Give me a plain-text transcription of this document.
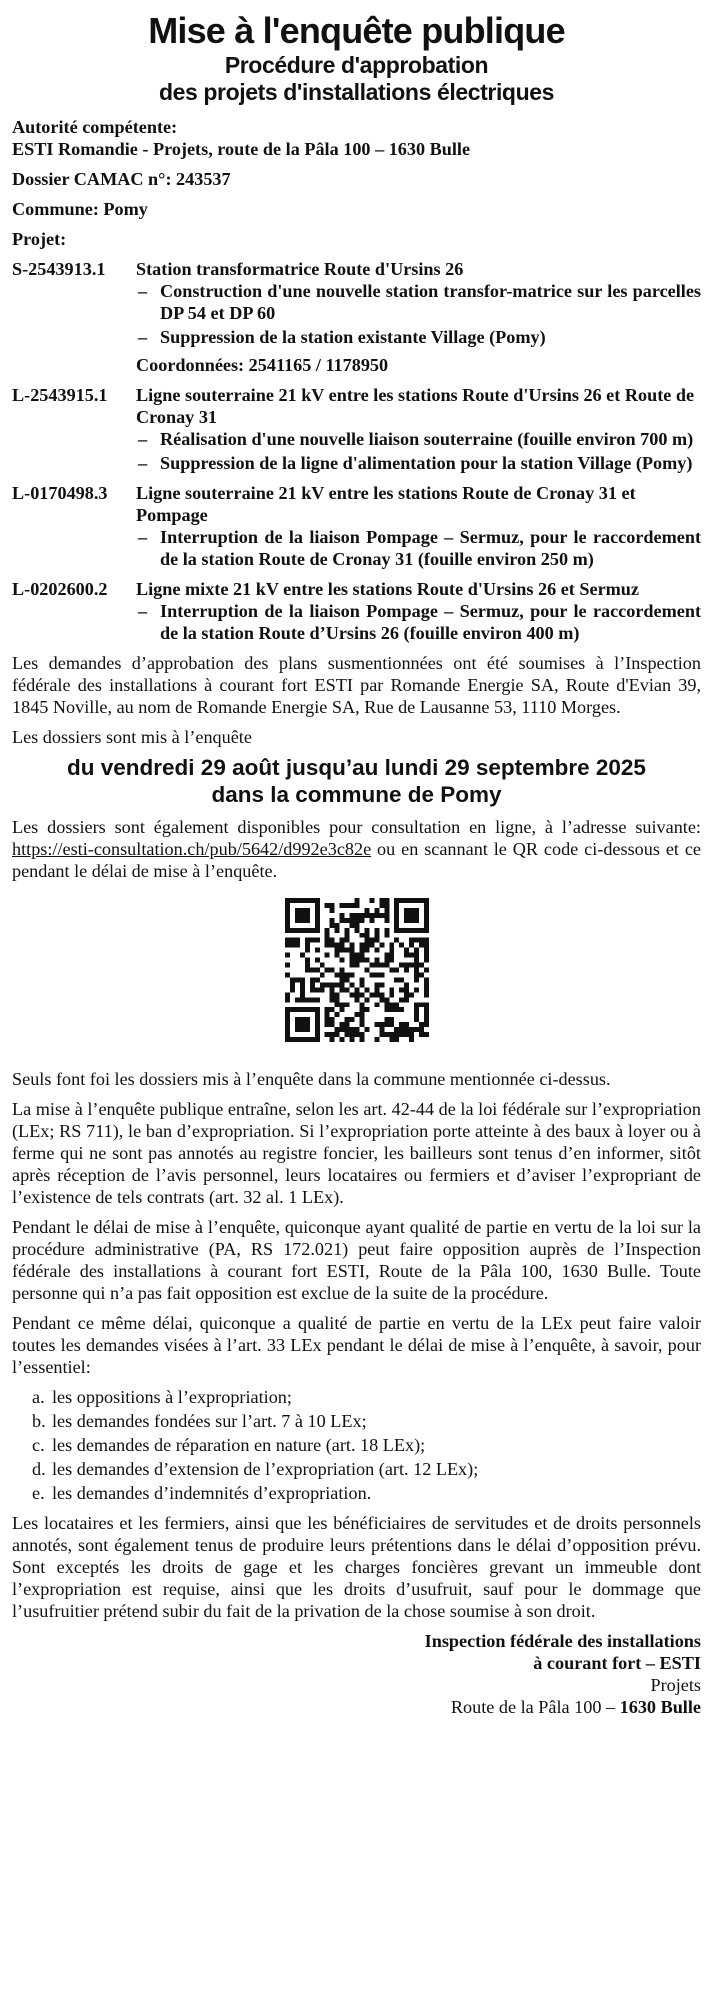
Mise à l'enquête publique
Procédure d'approbation
des projets d'installations électriques

Autorité compétente:

ESTI Romandie - Projets, route de la Pâla 100 – 1630 Bulle

Dossier CAMAC n°: 243537

Commune: Pomy

Projet:

S-2543913.1	Station transformatrice Route d'Ursins 26

– Construction d'une nouvelle station transfor-matrice sur les parcelles DP 54 et DP 60
– Suppression de la station existante Village (Pomy)

Coordonnées: 2541165 / 1178950

L-2543915.1	Ligne souterraine 21 kV entre les stations Route d'Ursins 26 et Route de Cronay 31

– Réalisation d'une nouvelle liaison souterraine (fouille environ 700 m)
– Suppression de la ligne d'alimentation pour la station Village (Pomy)
L-0170498.3	Ligne souterraine 21 kV entre les stations Route de Cronay 31 et Pompage

– Interruption de la liaison Pompage – Sermuz, pour le raccordement de la station Route de Cronay 31 (fouille environ 250 m)
L-0202600.2	Ligne mixte 21 kV entre les stations Route d'Ursins 26 et Sermuz

– Interruption de la liaison Pompage – Sermuz, pour le raccordement de la station Route d’Ursins 26 (fouille environ 400 m)

Les demandes d’approbation des plans susmentionnées ont été soumises à l’Inspection fédérale des installations à courant fort ESTI par Romande Energie SA, Route d'Evian 39, 1845 Noville, au nom de Romande Energie SA, Rue de Lausanne 53, 1110 Morges.

Les dossiers sont mis à l’enquête

du vendredi 29 août jusqu’au lundi 29 septembre 2025
dans la commune de Pomy

Les dossiers sont également disponibles pour consultation en ligne, à l’adresse suivante: https://esti-consultation.ch/pub/5642/d992e3c82e ou en scannant le QR code ci-dessous et ce pendant le délai de mise à l’enquête.

Seuls font foi les dossiers mis à l’enquête dans la commune mentionnée ci-dessus.

La mise à l’enquête publique entraîne, selon les art. 42-44 de la loi fédérale sur l’expropriation (LEx; RS 711), le ban d’expropriation. Si l’expropriation porte atteinte à des baux à loyer ou à ferme qui ne sont pas annotés au registre foncier, les bailleurs sont tenus d’en informer, sitôt après réception de l’avis personnel, leurs locataires ou fermiers et d’aviser l’expropriant de l’existence de tels contrats (art. 32 al. 1 LEx).

Pendant le délai de mise à l’enquête, quiconque ayant qualité de partie en vertu de la loi sur la procédure administrative (PA, RS 172.021) peut faire opposition auprès de l’Inspection fédérale des installations à courant fort ESTI, Route de la Pâla 100, 1630 Bulle. Toute personne qui n’a pas fait opposition est exclue de la suite de la procédure.

Pendant ce même délai, quiconque a qualité de partie en vertu de la LEx peut faire valoir toutes les demandes visées à l’art. 33 LEx pendant le délai de mise à l’enquête, à savoir, pour l’essentiel:

a. les oppositions à l’expropriation;
b. les demandes fondées sur l’art. 7 à 10 LEx;
c. les demandes de réparation en nature (art. 18 LEx);
d. les demandes d’extension de l’expropriation (art. 12 LEx);
e. les demandes d’indemnités d’expropriation.

Les locataires et les fermiers, ainsi que les bénéficiaires de servitudes et de droits personnels annotés, sont également tenus de produire leurs prétentions dans le délai d’opposition prévu. Sont exceptés les droits de gage et les charges foncières grevant un immeuble dont l’expropriation est requise, ainsi que les droits d’usufruit, sauf pour le dommage que l’usufruitier prétend subir du fait de la privation de la chose soumise à son droit.

Inspection fédérale des installations

à courant fort – ESTI

Projets

Route de la Pâla 100 – 1630 Bulle
